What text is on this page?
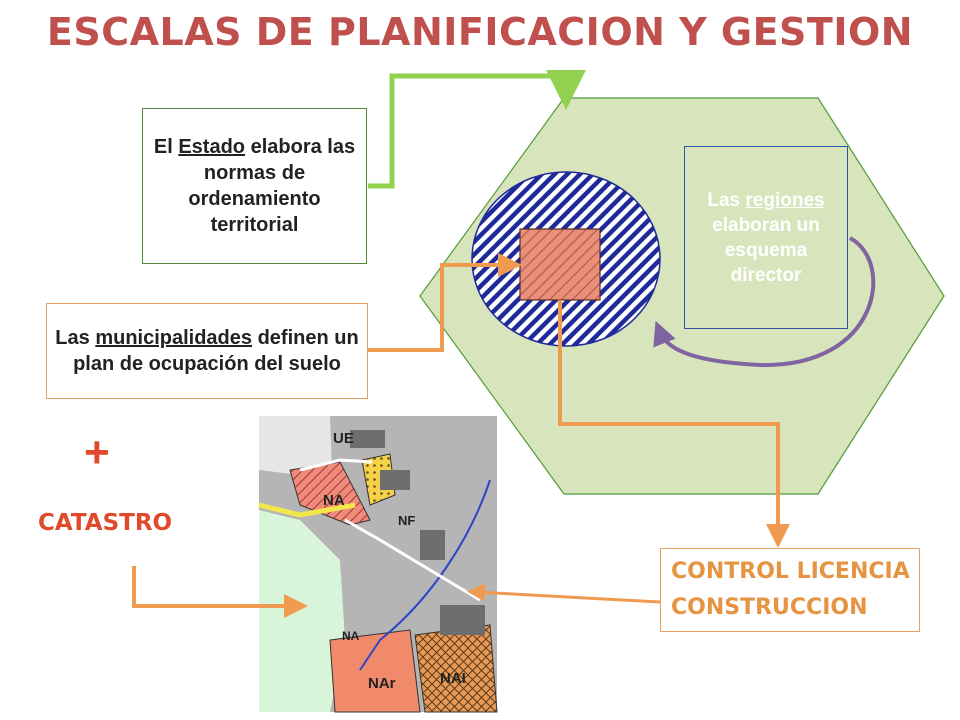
ESCALAS DE PLANIFICACION Y GESTION
UE
NA
NF
NA
NAr	NAI
El Estado elabora las normas de ordenamiento territorial
Las municipalidades definen un plan de ocupación del suelo
Las regiones elaboran un esquema director
CONTROL LICENCIA
CONSTRUCCION
+
CATASTRO
